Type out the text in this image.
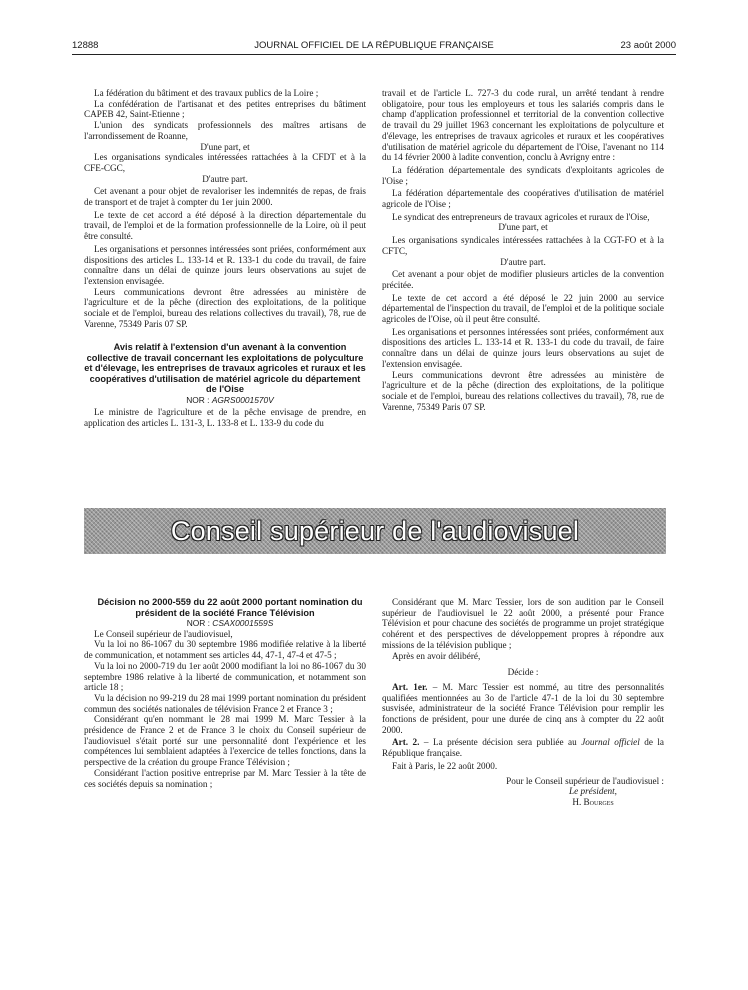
12888	JOURNAL OFFICIEL DE LA RÉPUBLIQUE FRANÇAISE	23 août 2000

La fédération du bâtiment et des travaux publics de la Loire ;

La confédération de l'artisanat et des petites entreprises du bâtiment CAPEB 42, Saint-Etienne ;

L'union des syndicats professionnels des maîtres artisans de l'arrondissement de Roanne,

D'une part, et

Les organisations syndicales intéressées rattachées à la CFDT et à la CFE-CGC,

D'autre part.

Cet avenant a pour objet de revaloriser les indemnités de repas, de frais de transport et de trajet à compter du 1er juin 2000.

Le texte de cet accord a été déposé à la direction départementale du travail, de l'emploi et de la formation professionnelle de la Loire, où il peut être consulté.

Les organisations et personnes intéressées sont priées, conformément aux dispositions des articles L. 133-14 et R. 133-1 du code du travail, de faire connaître dans un délai de quinze jours leurs observations au sujet de l'extension envisagée.

Leurs communications devront être adressées au ministère de l'agriculture et de la pêche (direction des exploitations, de la politique sociale et de l'emploi, bureau des relations collectives du travail), 78, rue de Varenne, 75349 Paris 07 SP.

Avis relatif à l'extension d'un avenant à la convention collective de travail concernant les exploitations de polyculture et d'élevage, les entreprises de travaux agricoles et ruraux et les coopératives d'utilisation de matériel agricole du département de l'Oise

NOR : AGRS0001570V

Le ministre de l'agriculture et de la pêche envisage de prendre, en application des articles L. 131-3, L. 133-8 et L. 133-9 du code du

travail et de l'article L. 727-3 du code rural, un arrêté tendant à rendre obligatoire, pour tous les employeurs et tous les salariés compris dans le champ d'application professionnel et territorial de la convention collective de travail du 29 juillet 1963 concernant les exploitations de polyculture et d'élevage, les entreprises de travaux agricoles et ruraux et les coopératives d'utilisation de matériel agricole du département de l'Oise, l'avenant no 114 du 14 février 2000 à ladite convention, conclu à Avrigny entre :

La fédération départementale des syndicats d'exploitants agricoles de l'Oise ;

La fédération départementale des coopératives d'utilisation de matériel agricole de l'Oise ;

Le syndicat des entrepreneurs de travaux agricoles et ruraux de l'Oise,

D'une part, et

Les organisations syndicales intéressées rattachées à la CGT-FO et à la CFTC,

D'autre part.

Cet avenant a pour objet de modifier plusieurs articles de la convention précitée.

Le texte de cet accord a été déposé le 22 juin 2000 au service départemental de l'inspection du travail, de l'emploi et de la politique sociale agricoles de l'Oise, où il peut être consulté.

Les organisations et personnes intéressées sont priées, conformément aux dispositions des articles L. 133-14 et R. 133-1 du code du travail, de faire connaître dans un délai de quinze jours leurs observations au sujet de l'extension envisagée.

Leurs communications devront être adressées au ministère de l'agriculture et de la pêche (direction des exploitations, de la politique sociale et de l'emploi, bureau des relations collectives du travail), 78, rue de Varenne, 75349 Paris 07 SP.

Conseil supérieur de l'audiovisuel

Décision no 2000-559 du 22 août 2000 portant nomination du président de la société France Télévision

NOR : CSAX0001559S

Le Conseil supérieur de l'audiovisuel,

Vu la loi no 86-1067 du 30 septembre 1986 modifiée relative à la liberté de communication, et notamment ses articles 44, 47-1, 47-4 et 47-5 ;

Vu la loi no 2000-719 du 1er août 2000 modifiant la loi no 86-1067 du 30 septembre 1986 relative à la liberté de communication, et notamment son article 18 ;

Vu la décision no 99-219 du 28 mai 1999 portant nomination du président commun des sociétés nationales de télévision France 2 et France 3 ;

Considérant qu'en nommant le 28 mai 1999 M. Marc Tessier à la présidence de France 2 et de France 3 le choix du Conseil supérieur de l'audiovisuel s'était porté sur une personnalité dont l'expérience et les compétences lui semblaient adaptées à l'exercice de telles fonctions, dans la perspective de la création du groupe France Télévision ;

Considérant l'action positive entreprise par M. Marc Tessier à la tête de ces sociétés depuis sa nomination ;

Considérant que M. Marc Tessier, lors de son audition par le Conseil supérieur de l'audiovisuel le 22 août 2000, a présenté pour France Télévision et pour chacune des sociétés de programme un projet stratégique cohérent et des perspectives de développement propres à répondre aux missions de la télévision publique ;

Après en avoir délibéré,

Décide :

Art. 1er. – M. Marc Tessier est nommé, au titre des personnalités qualifiées mentionnées au 3o de l'article 47-1 de la loi du 30 septembre susvisée, administrateur de la société France Télévision pour remplir les fonctions de président, pour une durée de cinq ans à compter du 22 août 2000.

Art. 2. – La présente décision sera publiée au Journal officiel de la République française.

Fait à Paris, le 22 août 2000.

Pour le Conseil supérieur de l'audiovisuel :

Le président,

H. Bourges
